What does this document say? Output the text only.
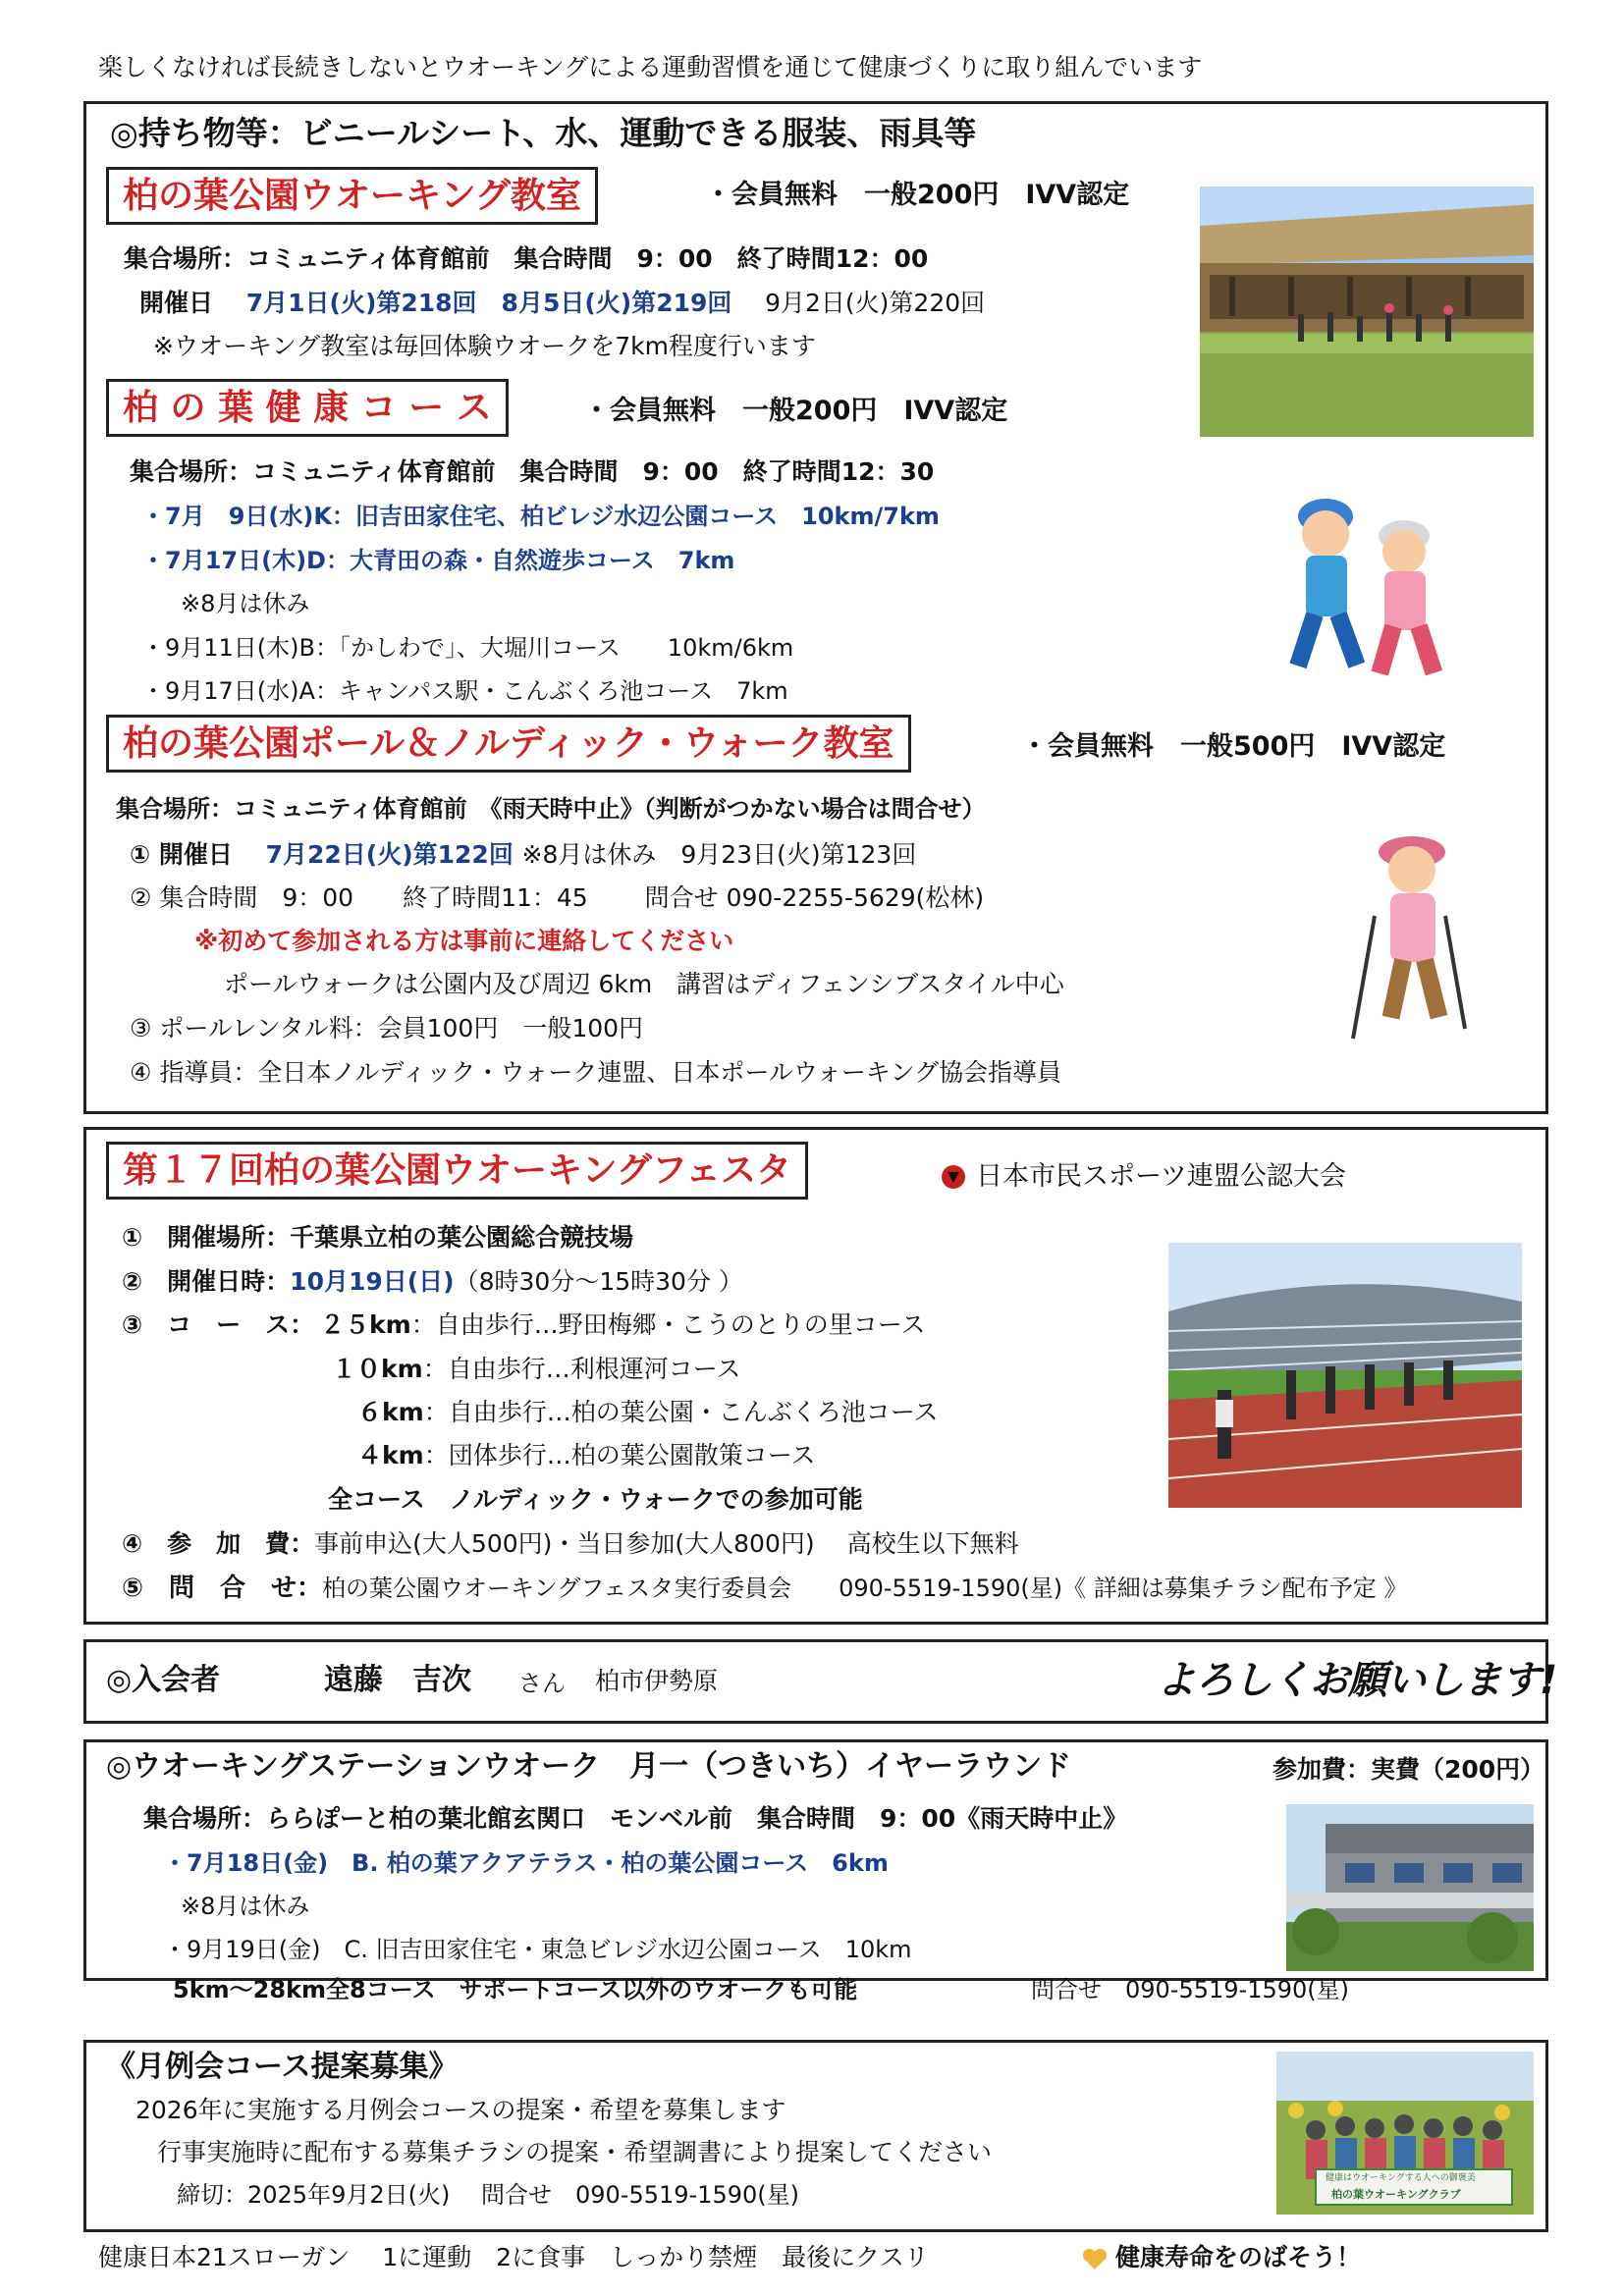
楽しくなければ長続きしないとウオーキングによる運動習慣を通じて健康づくりに取り組んでいます
◎持ち物等：ビニールシート、水、運動できる服装、雨具等
柏の葉公園ウオーキング教室	・会員無料　一般200円　IVV認定
集合場所：コミュニティ体育館前　集合時間　9：00　終了時間12：00
開催日　 7月1日(火)第218回　8月5日(火)第219回　 9月2日(火)第220回
※ウオーキング教室は毎回体験ウオークを7km程度行います
柏 の 葉 健 康 コ ー ス	・会員無料　一般200円　IVV認定
集合場所：コミュニティ体育館前　集合時間　9：00　終了時間12：30
・7月　9日(水)K：旧吉田家住宅、柏ビレジ水辺公園コース　10km/7km
・7月17日(木)D：大青田の森・自然遊歩コース　7km
※8月は休み
・9月11日(木)B：「かしわで」、大堀川コース　　10km/6km
・9月17日(水)A：キャンパス駅・こんぶくろ池コース　7km
柏の葉公園ポール＆ノルディック・ウォーク教室	・会員無料　一般500円　IVV認定
集合場所：コミュニティ体育館前　《雨天時中止》（判断がつかない場合は問合せ）
① 開催日　 7月22日(火)第122回 ※8月は休み　9月23日(火)第123回
② 集合時間　9：00　　終了時間11：45　　 問合せ 090-2255-5629(松林)
※初めて参加される方は事前に連絡してください
ポールウォークは公園内及び周辺 6km　講習はディフェンシブスタイル中心
③ ポールレンタル料：会員100円　一般100円
④ 指導員：全日本ノルディック・ウォーク連盟、日本ポールウォーキング協会指導員
第１７回柏の葉公園ウオーキングフェスタ	日本市民スポーツ連盟公認大会
①　開催場所：千葉県立柏の葉公園総合競技場
②　開催日時：10月19日(日)（8時30分～15時30分 ）
③　コ　ー　ス： ２５km：自由歩行…野田梅郷・こうのとりの里コース
１０km：自由歩行…利根運河コース
６km：自由歩行…柏の葉公園・こんぶくろ池コース
４km：団体歩行…柏の葉公園散策コース
全コース　ノルディック・ウォークでの参加可能
④　参　加　費：事前申込(大人500円)・当日参加(大人800円)　 高校生以下無料
⑤　問　合　せ：柏の葉公園ウオーキングフェスタ実行委員会　　090-5519-1590(星)《 詳細は募集チラシ配布予定 》
◎入会者	遠藤　吉次 さん 柏市伊勢原	よろしくお願いします!
◎ウオーキングステーションウオーク　月一（つきいち）イヤーラウンド	参加費：実費（200円）
集合場所：ららぽーと柏の葉北館玄関口　モンベル前　集合時間　9：00《雨天時中止》
・7月18日(金)　B. 柏の葉アクアテラス・柏の葉公園コース　6km
※8月は休み
・9月19日(金)　C. 旧吉田家住宅・東急ビレジ水辺公園コース　10km
5km～28km全8コース　サポートコース以外のウオークも可能	問合せ　090-5519-1590(星)
《月例会コース提案募集》
2026年に実施する月例会コースの提案・希望を募集します
行事実施時に配布する募集チラシの提案・希望調書により提案してください
締切：2025年9月2日(火)　 問合せ　090-5519-1590(星)
健康はウオーキングする人への御褒美
柏の葉ウオーキングクラブ
健康日本21スローガン　 1に運動　2に食事　しっかり禁煙　最後にクスリ	健康寿命をのばそう！
